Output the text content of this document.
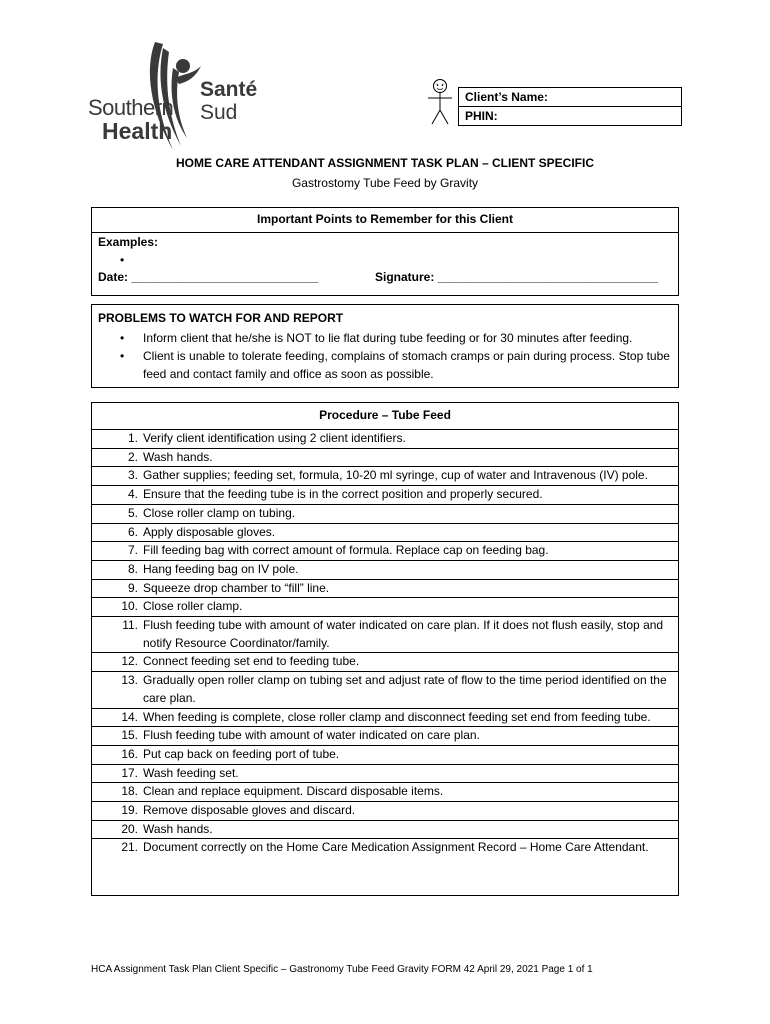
Southern
Health
Santé
Sud
Client’s Name:
PHIN:
HOME CARE ATTENDANT ASSIGNMENT TASK PLAN – CLIENT SPECIFIC
Gastrostomy Tube Feed by Gravity
Important Points to Remember for this Client
Examples:
•
Date: ____________________________	Signature: _________________________________
PROBLEMS TO WATCH FOR AND REPORT
• Inform client that he/she is NOT to lie flat during tube feeding or for 30 minutes after feeding.
• Client is unable to tolerate feeding, complains of stomach cramps or pain during process. Stop tube feed and contact family and office as soon as possible.
Procedure – Tube Feed
1. Verify client identification using 2 client identifiers.
2. Wash hands.
3. Gather supplies; feeding set, formula, 10-20 ml syringe, cup of water and Intravenous (IV) pole.
4. Ensure that the feeding tube is in the correct position and properly secured.
5. Close roller clamp on tubing.
6. Apply disposable gloves.
7. Fill feeding bag with correct amount of formula. Replace cap on feeding bag.
8. Hang feeding bag on IV pole.
9. Squeeze drop chamber to “fill” line.
10. Close roller clamp.
11. Flush feeding tube with amount of water indicated on care plan. If it does not flush easily, stop and notify Resource Coordinator/family.
12. Connect feeding set end to feeding tube.
13. Gradually open roller clamp on tubing set and adjust rate of flow to the time period identified on the care plan.
14. When feeding is complete, close roller clamp and disconnect feeding set end from feeding tube.
15. Flush feeding tube with amount of water indicated on care plan.
16. Put cap back on feeding port of tube.
17. Wash feeding set.
18. Clean and replace equipment. Discard disposable items.
19. Remove disposable gloves and discard.
20. Wash hands.
21. Document correctly on the Home Care Medication Assignment Record – Home Care Attendant.
HCA Assignment Task Plan Client Specific – Gastronomy Tube Feed Gravity FORM 42 April 29, 2021 Page 1 of 1
